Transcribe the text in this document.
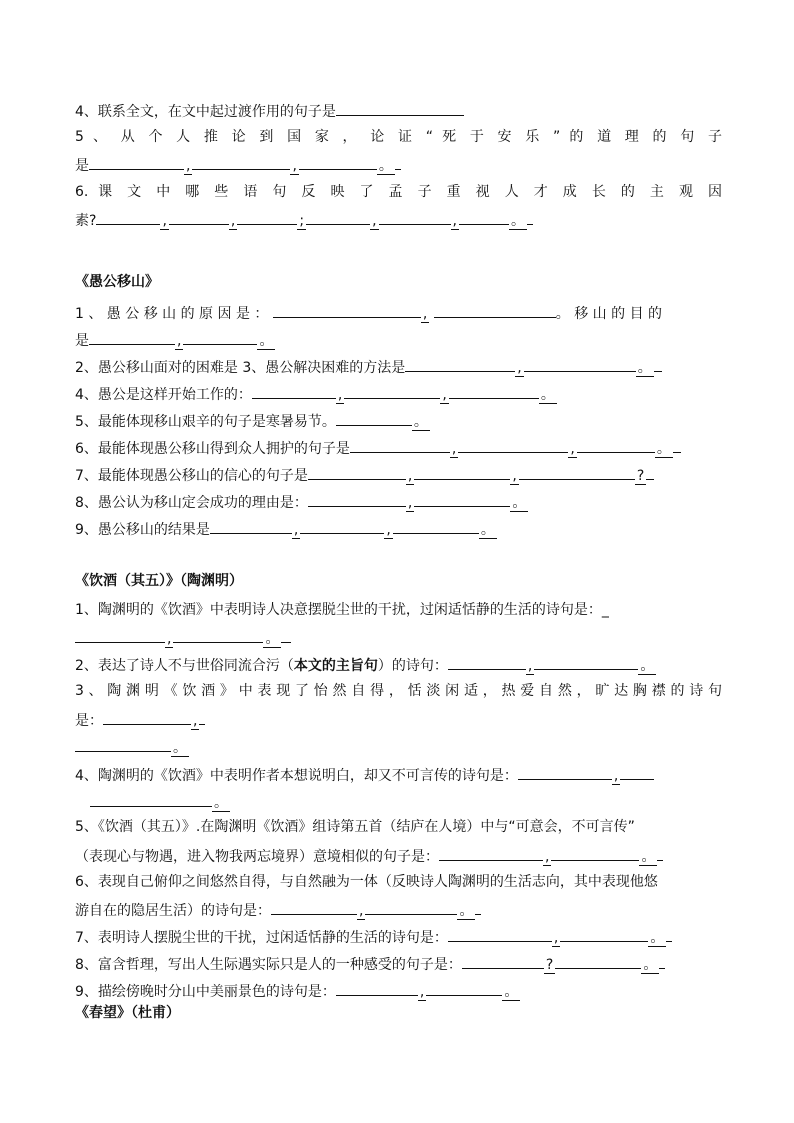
4、联系全文，在文中起过渡作用的句子是
5 、 从 个 人 推 论 到 国 家 ， 论 证 “ 死 于 安 乐 ” 的 道 理 的 句 子
是	,	,	。
6. 课 文 中 哪 些 语 句 反 映 了 孟 子 重 视 人 才 成 长 的 主 观 因
素?	,	,	;	,	,	。
《愚公移山》
1 、 愚 公 移 山 的 原 因 是 ：	,	。 移 山 的 目 的
是	,	。
2、愚公移山面对的困难是 3、愚公解决困难的方法是	,	。
4、愚公是这样开始工作的：	,	,	。
5、最能体现移山艰辛的句子是寒暑易节。	。
6、最能体现愚公移山得到众人拥护的句子是	,	,	。
7、最能体现愚公移山的信心的句子是	,	,	?
8、愚公认为移山定会成功的理由是：	,	。
9、愚公移山的结果是	,	,	。
《饮酒（其五）》（陶渊明）
1、陶渊明的《饮酒》中表明诗人决意摆脱尘世的干扰，过闲适恬静的生活的诗句是：_
,	。
2、表达了诗人不与世俗同流合污（本文的主旨句）的诗句：	,	。
3 、 陶 渊 明 《 饮 酒 》 中 表 现 了 怡 然 自 得 ， 恬 淡 闲 适 ， 热 爱 自 然 ， 旷 达 胸 襟 的 诗 句
是：	,
。
4、陶渊明的《饮酒》中表明作者本想说明白，却又不可言传的诗句是：	,
。
5、《饮酒（其五）》.在陶渊明《饮酒》组诗第五首（结庐在人境）中与“可意会，不可言传”
（表现心与物遇，进入物我两忘境界）意境相似的句子是：	,	。
6、表现自己俯仰之间悠然自得，与自然融为一体（反映诗人陶渊明的生活志向，其中表现他悠
游自在的隐居生活）的诗句是：	,	。
7、表明诗人摆脱尘世的干扰，过闲适恬静的生活的诗句是：	,	。
8、富含哲理，写出人生际遇实际只是人的一种感受的句子是：	?	。
9、描绘傍晚时分山中美丽景色的诗句是：	,	。
《春望》（杜甫）
